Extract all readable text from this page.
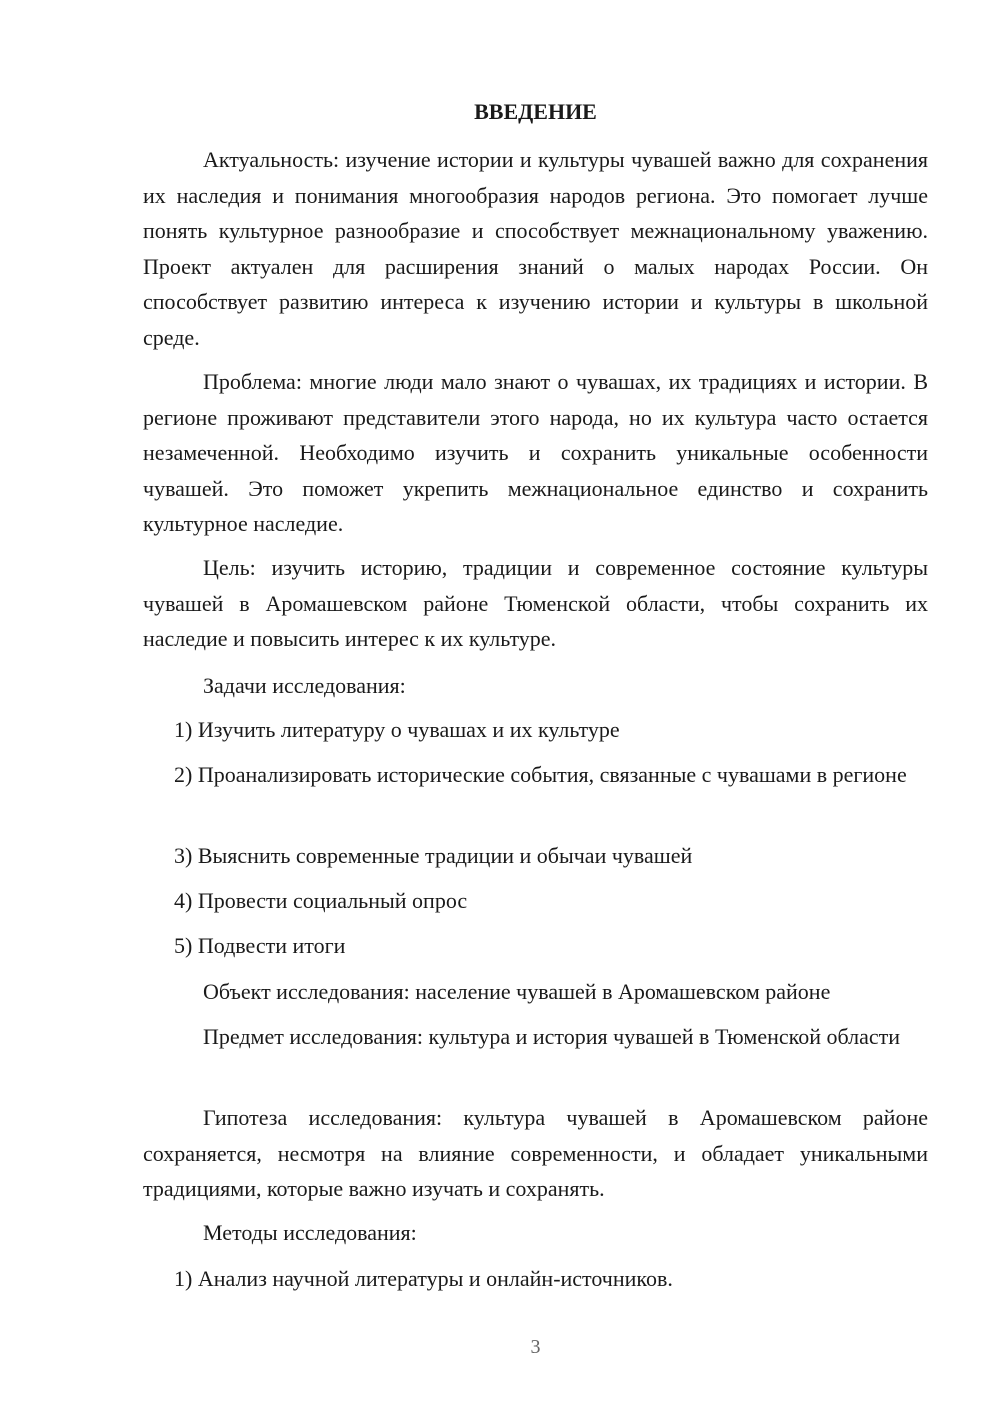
ВВЕДЕНИЕ

Актуальность: изучение истории и культуры чувашей важно для сохранения их наследия и понимания многообразия народов региона. Это помогает лучше понять культурное разнообразие и способствует межнациональному уважению. Проект актуален для расширения знаний о малых народах России. Он способствует развитию интереса к изучению истории и культуры в школьной среде.

Проблема: многие люди мало знают о чувашах, их традициях и истории. В регионе проживают представители этого народа, но их культура часто остается незамеченной. Необходимо изучить и сохранить уникальные особенности чувашей. Это поможет укрепить межнациональное единство и сохранить культурное наследие.

Цель: изучить историю, традиции и современное состояние культуры чувашей в Аромашевском районе Тюменской области, чтобы сохранить их наследие и повысить интерес к их культуре.

Задачи исследования:

1) Изучить литературу о чувашах и их культуре

2) Проанализировать исторические события, связанные с чувашами в регионе

3) Выяснить современные традиции и обычаи чувашей

4) Провести социальный опрос

5) Подвести итоги

Объект исследования: население чувашей в Аромашевском районе

Предмет исследования: культура и история чувашей в Тюменской области

Гипотеза исследования: культура чувашей в Аромашевском районе сохраняется, несмотря на влияние современности, и обладает уникальными традициями, которые важно изучать и сохранять.

Методы исследования:

1) Анализ научной литературы и онлайн-источников.

3
